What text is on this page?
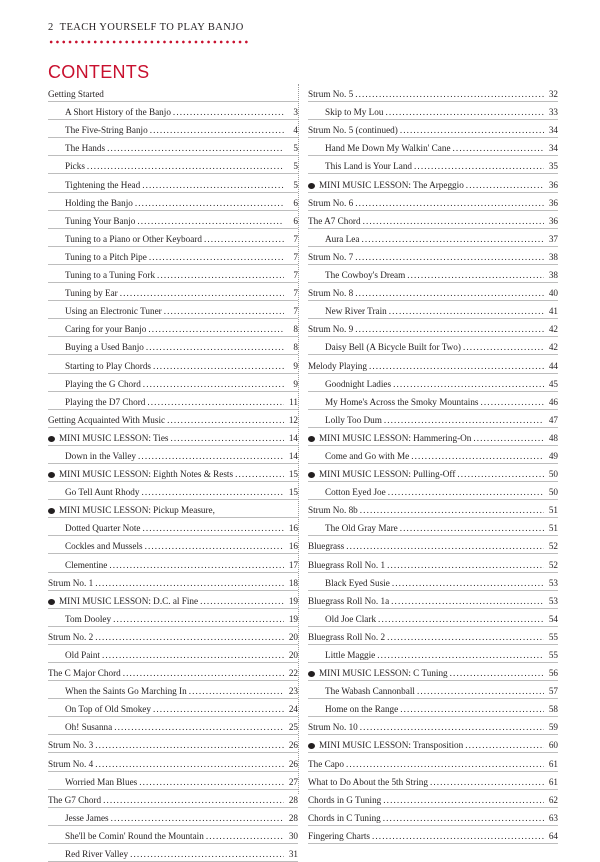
2 TEACH YOURSELF TO PLAY BANJO
CONTENTS
Getting Started
A Short History of the Banjo . . .	3
The Five-String Banjo . . .	4
The Hands . . .	5
Picks . . .	5
Tightening the Head . . .	5
Holding the Banjo . . .	6
Tuning Your Banjo . . .	6
Tuning to a Piano or Other Keyboard . . .	7
Tuning to a Pitch Pipe . . .	7
Tuning to a Tuning Fork . . .	7
Tuning by Ear . . .	7
Using an Electronic Tuner . . .	7
Caring for your Banjo . . .	8
Buying a Used Banjo . . .	8
Starting to Play Chords . . .	9
Playing the G Chord . . .	9
Playing the D7 Chord . . .	11
Getting Acquainted With Music . . .	12
MINI MUSIC LESSON: Ties . . .	14
Down in the Valley . . .	14
MINI MUSIC LESSON: Eighth Notes & Rests . . .	15
Go Tell Aunt Rhody . . .	15
MINI MUSIC LESSON: Pickup Measure,
Dotted Quarter Note . . .	16
Cockles and Mussels . . .	16
Clementine . . .	17
Strum No. 1 . . .	18
MINI MUSIC LESSON: D.C. al Fine . . .	19
Tom Dooley . . .	19
Strum No. 2 . . .	20
Old Paint . . .	20
The C Major Chord . . .	22
When the Saints Go Marching In . . .	23
On Top of Old Smokey . . .	24
Oh! Susanna . . .	25
Strum No. 3 . . .	26
Strum No. 4 . . .	26
Worried Man Blues . . .	27
The G7 Chord . . .	28
Jesse James . . .	28
She'll be Comin' Round the Mountain . . .	30
Red River Valley . . .	31
Strum No. 5 . . .	32
Skip to My Lou . . .	33
Strum No. 5 (continued) . . .	34
Hand Me Down My Walkin' Cane . . .	34
This Land is Your Land . . .	35
MINI MUSIC LESSON: The Arpeggio . . .	36
Strum No. 6 . . .	36
The A7 Chord . . .	36
Aura Lea . . .	37
Strum No. 7 . . .	38
The Cowboy's Dream . . .	38
Strum No. 8 . . .	40
New River Train . . .	41
Strum No. 9 . . .	42
Daisy Bell (A Bicycle Built for Two) . . .	42
Melody Playing . . .	44
Goodnight Ladies . . .	45
My Home's Across the Smoky Mountains . . .	46
Lolly Too Dum . . .	47
MINI MUSIC LESSON: Hammering-On . . .	48
Come and Go with Me . . .	49
MINI MUSIC LESSON: Pulling-Off . . .	50
Cotton Eyed Joe . . .	50
Strum No. 8b . . .	51
The Old Gray Mare . . .	51
Bluegrass . . .	52
Bluegrass Roll No. 1 . . .	52
Black Eyed Susie . . .	53
Bluegrass Roll No. 1a . . .	53
Old Joe Clark . . .	54
Bluegrass Roll No. 2 . . .	55
Little Maggie . . .	55
MINI MUSIC LESSON: C Tuning . . .	56
The Wabash Cannonball . . .	57
Home on the Range . . .	58
Strum No. 10 . . .	59
MINI MUSIC LESSON: Transposition . . .	60
The Capo . . .	61
What to Do About the 5th String . . .	61
Chords in G Tuning . . .	62
Chords in C Tuning . . .	63
Fingering Charts . . .	64
